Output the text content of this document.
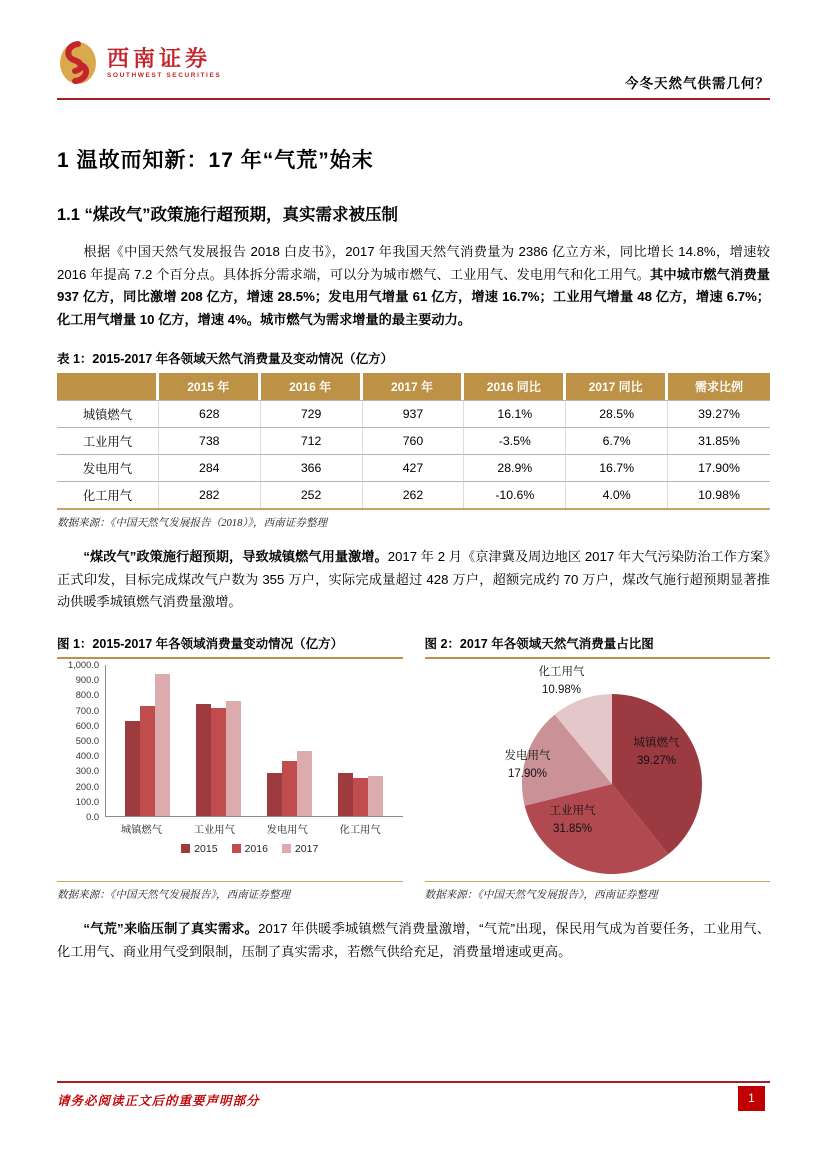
西南证券
SOUTHWEST SECURITIES
今冬天然气供需几何？
1 温故而知新：17 年“气荒”始末
1.1 “煤改气”政策施行超预期，真实需求被压制

根据《中国天然气发展报告 2018 白皮书》，2017 年我国天然气消费量为 2386 亿立方米，同比增长 14.8%，增速较 2016 年提高 7.2 个百分点。具体拆分需求端，可以分为城市燃气、工业用气、发电用气和化工用气。其中城市燃气消费量 937 亿方，同比激增 208 亿方，增速 28.5%；发电用气增量 61 亿方，增速 16.7%；工业用气增量 48 亿方，增速 6.7%；化工用气增量 10 亿方，增速 4%。城市燃气为需求增量的最主要动力。

表 1：2015-2017 年各领域天然气消费量及变动情况（亿方）
	2015 年	2016 年	2017 年	2016 同比	2017 同比	需求比例
城镇燃气	628	729	937	16.1%	28.5%	39.27%
工业用气	738	712	760	-3.5%	6.7%	31.85%
发电用气	284	366	427	28.9%	16.7%	17.90%
化工用气	282	252	262	-10.6%	4.0%	10.98%
数据来源：《中国天然气发展报告（2018）》，西南证券整理

“煤改气”政策施行超预期，导致城镇燃气用量激增。2017 年 2 月《京津冀及周边地区 2017 年大气污染防治工作方案》正式印发，目标完成煤改气户数为 355 万户，实际完成量超过 428 万户，超额完成约 70 万户，煤改气施行超预期显著推动供暖季城镇燃气消费量激增。

图 1：2015-2017 年各领域消费量变动情况（亿方）
0.0
100.0
200.0
300.0
400.0
500.0
600.0
700.0
800.0
900.0
1,000.0
城镇燃气	工业用气	发电用气	化工用气
2015	2016	2017
数据来源：《中国天然气发展报告》，西南证券整理
图 2：2017 年各领域天然气消费量占比图
城镇燃气
39.27%
工业用气
31.85%
发电用气
17.90%
化工用气
10.98%
数据来源：《中国天然气发展报告》，西南证券整理

“气荒”来临压制了真实需求。2017 年供暖季城镇燃气消费量激增，“气荒”出现，保民用气成为首要任务，工业用气、化工用气、商业用气受到限制，压制了真实需求，若燃气供给充足，消费量增速或更高。

请务必阅读正文后的重要声明部分	1
